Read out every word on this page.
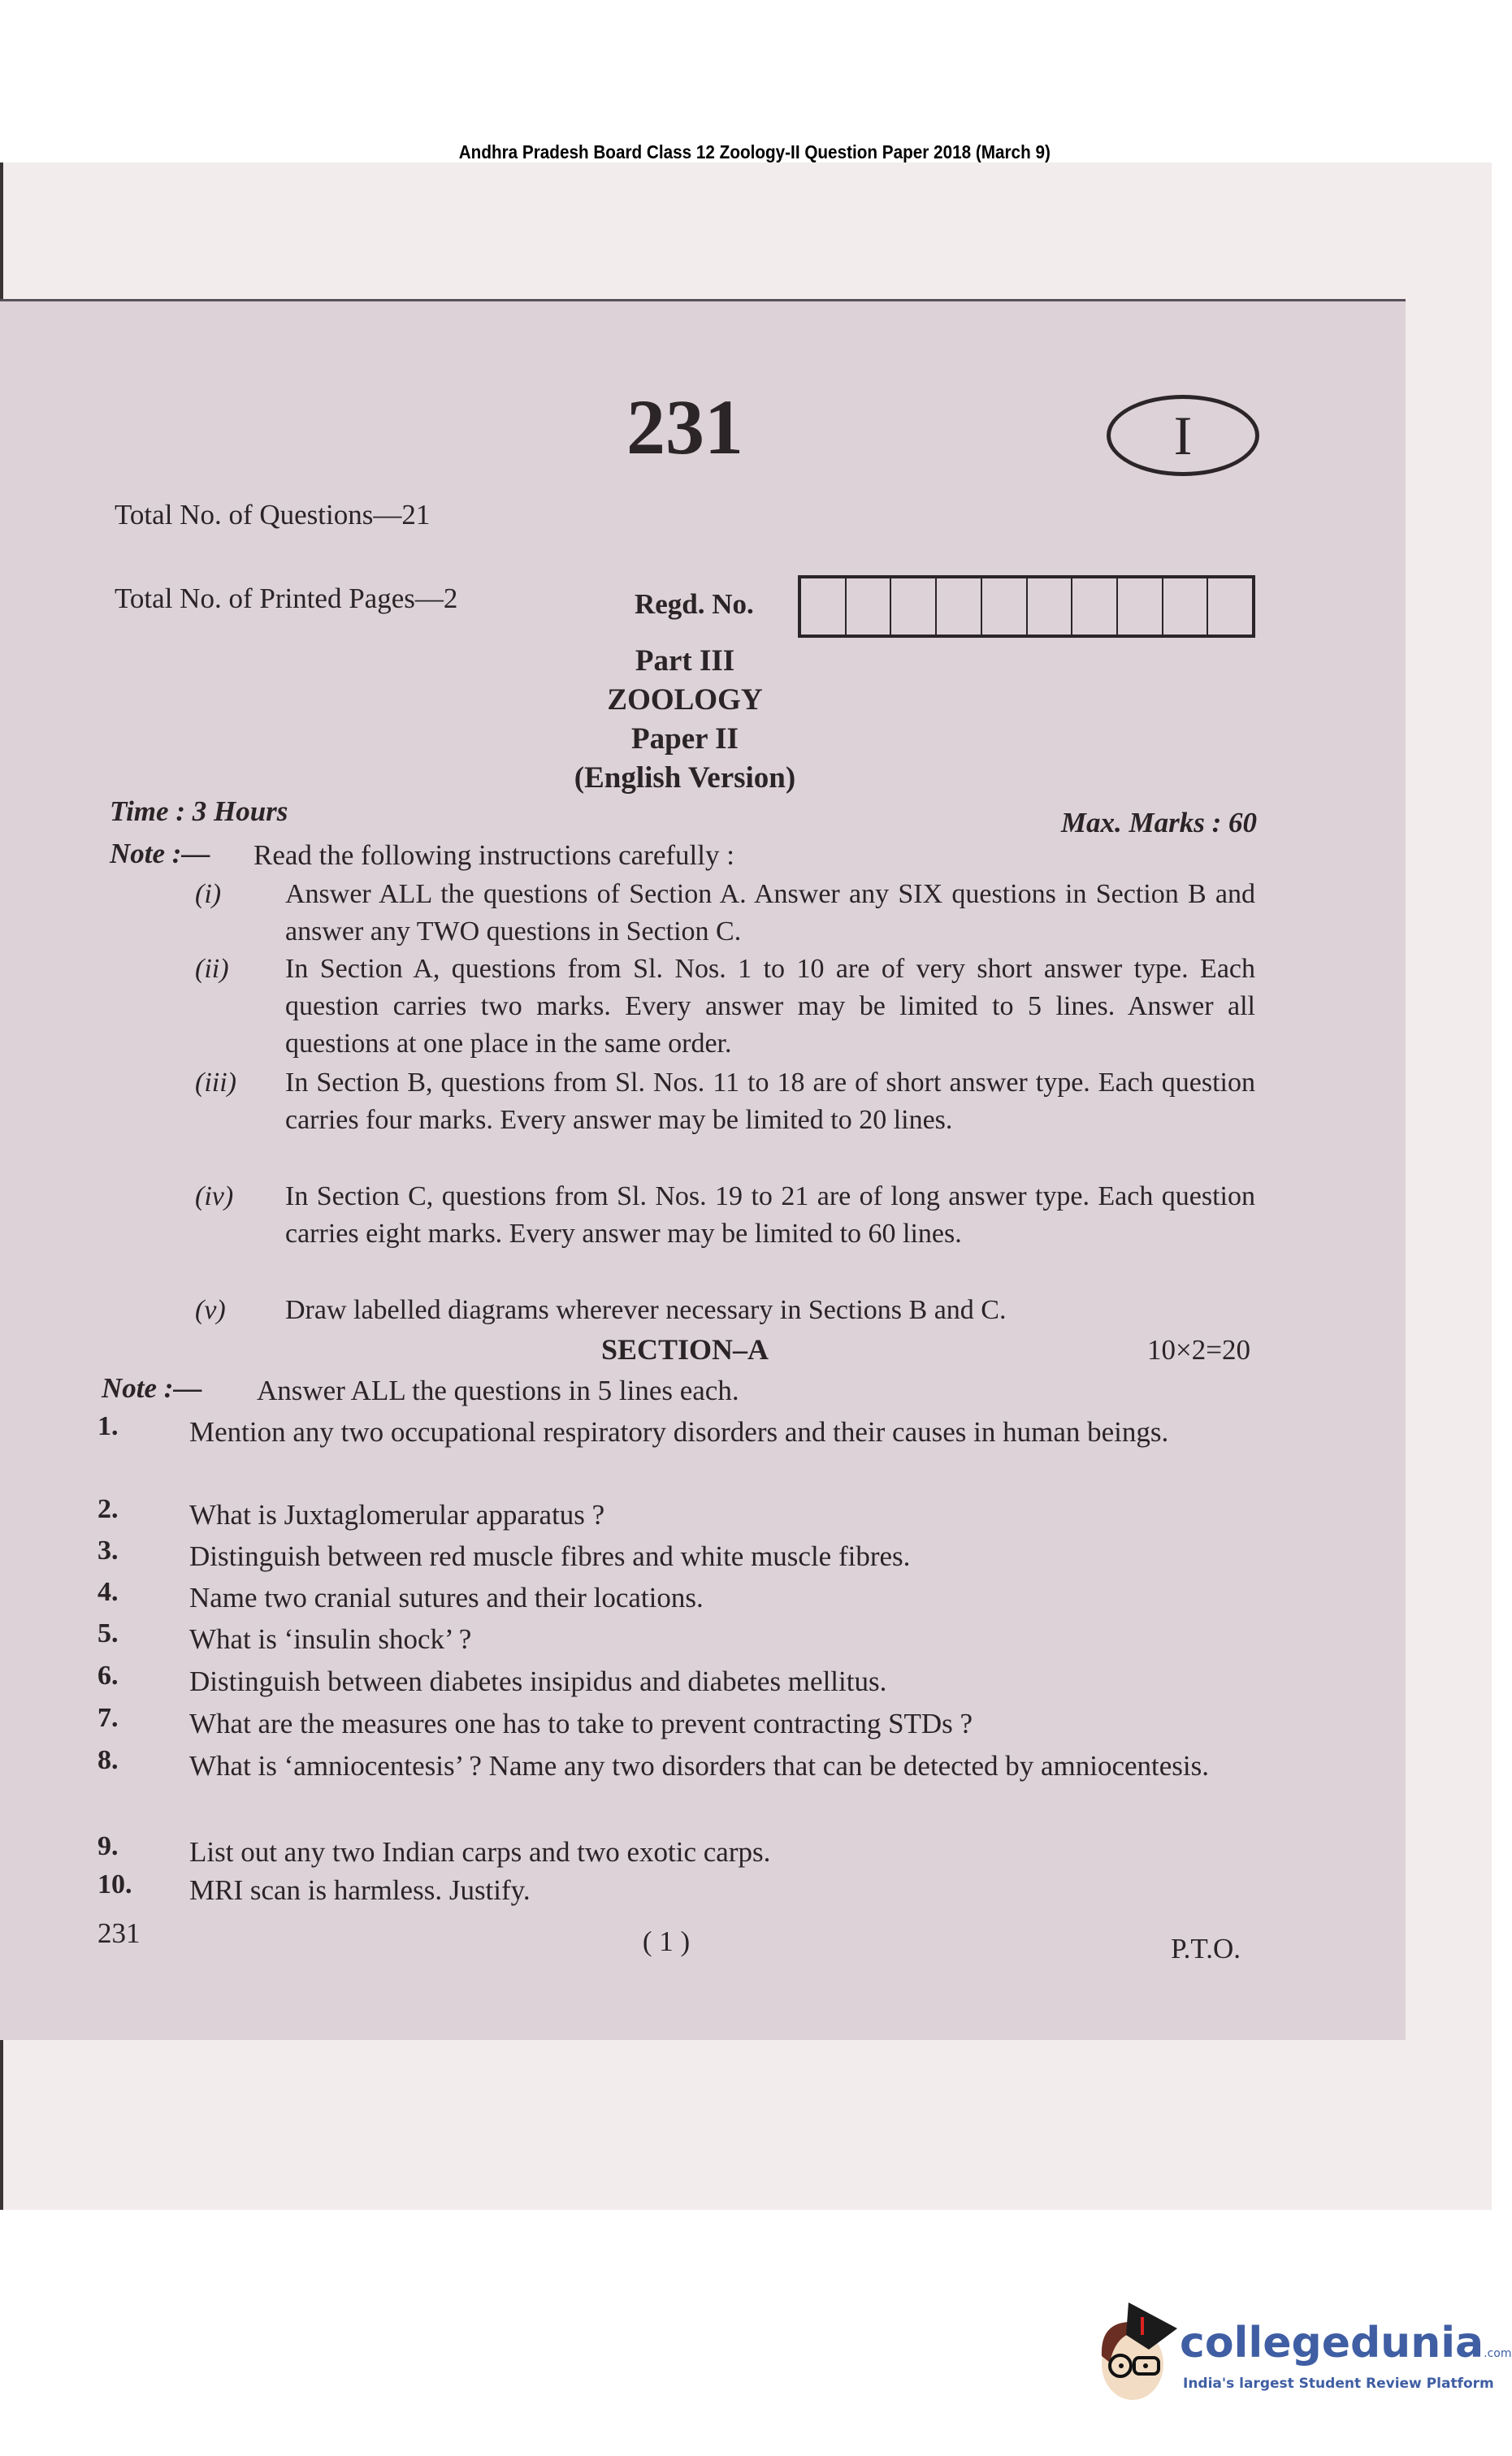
Andhra Pradesh Board Class 12 Zoology-II Question Paper 2018 (March 9)
231	I
Total No. of Questions—21
Total No. of Printed Pages—2	Regd. No.
Part III
ZOOLOGY
Paper II
(English Version)
Time : 3 Hours	Max. Marks : 60
Note :— Read the following instructions carefully :
(i)	Answer ALL the questions of Section A. Answer any SIX questions in Section B and answer any TWO questions in Section C.
(ii)	In Section A, questions from Sl. Nos. 1 to 10 are of very short answer type. Each question carries two marks. Every answer may be limited to 5 lines. Answer all questions at one place in the same order.
(iii)	In Section B, questions from Sl. Nos. 11 to 18 are of short answer type. Each question carries four marks. Every answer may be limited to 20 lines.
(iv)	In Section C, questions from Sl. Nos. 19 to 21 are of long answer type. Each question carries eight marks. Every answer may be limited to 60 lines.
(v)	Draw labelled diagrams wherever necessary in Sections B and C.
SECTION–A	10×2=20
Note :— Answer ALL the questions in 5 lines each.
1.	Mention any two occupational respiratory disorders and their causes in human beings.
2.	What is Juxtaglomerular apparatus ?
3.	Distinguish between red muscle fibres and white muscle fibres.
4.	Name two cranial sutures and their locations.
5.	What is ‘insulin shock’ ?
6.	Distinguish between diabetes insipidus and diabetes mellitus.
7.	What are the measures one has to take to prevent contracting STDs ?
8.	What is ‘amniocentesis’ ? Name any two disorders that can be detected by amniocentesis.
9.	List out any two Indian carps and two exotic carps.
10.	MRI scan is harmless. Justify.
231	( 1 )	P.T.O.
collegedunia.com
India's largest Student Review Platform
